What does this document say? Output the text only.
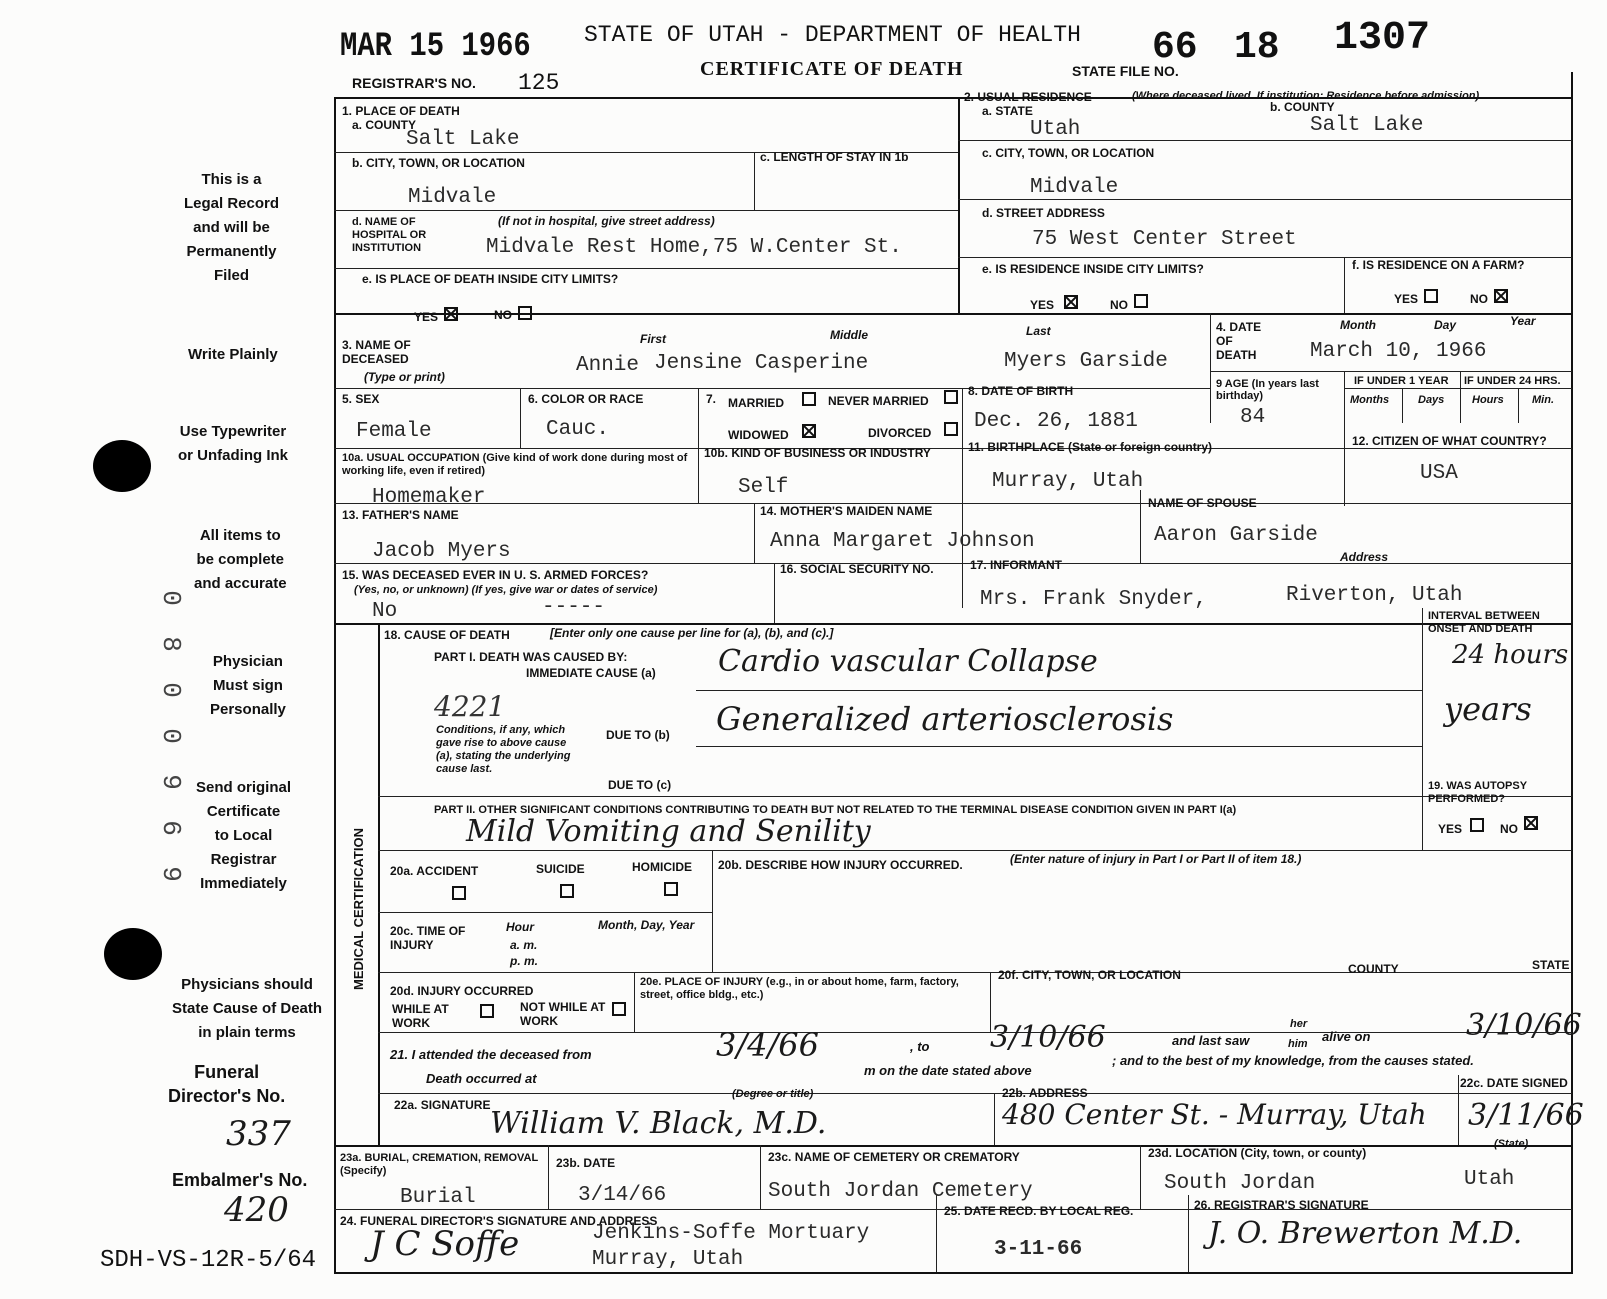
MAR 15 1966 STATE OF UTAH - DEPARTMENT OF HEALTH
CERTIFICATE OF DEATH
REGISTRAR'S NO. 125	STATE FILE NO.
66 18 1307
This is a
Legal Record
and will be
Permanently
Filed
Write Plainly
Use Typewriter
or Unfading Ink
All items to
be complete
and accurate
Physician
Must sign
Personally
Send original
Certificate
to Local
Registrar
Immediately
Physicians should
State Cause of Death
in plain terms
Funeral
Director's No.
337
Embalmer's No.
420
SDH-VS-12R-5/64
0
8
0
0
9
6
9
1. PLACE OF DEATH
a. COUNTY
Salt Lake
b. CITY, TOWN, OR LOCATION
Midvale
c. LENGTH OF STAY IN 1b
d. NAME OF HOSPITAL OR INSTITUTION
(If not in hospital, give street address)
Midvale Rest Home,75 W.Center St.
e. IS PLACE OF DEATH INSIDE CITY LIMITS?
YES	NO
2. USUAL RESIDENCE	(Where deceased lived. If institution: Residence before admission)
a. STATE
Utah
b. COUNTY
Salt Lake
c. CITY, TOWN, OR LOCATION
Midvale
d. STREET ADDRESS
75 West Center Street
e. IS RESIDENCE INSIDE CITY LIMITS?
YES	NO
f. IS RESIDENCE ON A FARM?
YES	NO
3. NAME OF DECEASED
(Type or print)
First	Middle	Last
Annie Jensine Casperine	Myers Garside
4. DATE OF DEATH
Month	Day	Year
March 10, 1966
5. SEX
Female
6. COLOR OR RACE
Cauc.
7. MARRIED	NEVER MARRIED
WIDOWED	DIVORCED
8. DATE OF BIRTH
Dec. 26, 1881
9 AGE (In years last birthday)
84
IF UNDER 1 YEAR IF UNDER 24 HRS.
Months	Days	Hours	Min.
10a. USUAL OCCUPATION (Give kind of work done during most of working life, even if retired)
Homemaker
10b. KIND OF BUSINESS OR INDUSTRY
Self
11. BIRTHPLACE (State or foreign country)
Murray, Utah
12. CITIZEN OF WHAT COUNTRY?
USA
13. FATHER'S NAME
Jacob Myers
14. MOTHER'S MAIDEN NAME
Anna Margaret Johnson
NAME OF SPOUSE
Aaron Garside
Address
15. WAS DECEASED EVER IN U. S. ARMED FORCES?
(Yes, no, or unknown) (If yes, give war or dates of service)
No	-----
16. SOCIAL SECURITY NO.	17. INFORMANT
Mrs. Frank Snyder,	Riverton, Utah
MEDICAL CERTIFICATION
18. CAUSE OF DEATH	[Enter only one cause per line for (a), (b), and (c).]
PART I. DEATH WAS CAUSED BY:
IMMEDIATE CAUSE (a) Cardio vascular Collapse
4221
Conditions, if any, which gave rise to above cause (a), stating the underlying cause last.
DUE TO (b) Generalized arteriosclerosis
DUE TO (c)
INTERVAL BETWEEN ONSET AND DEATH
24 hours
years
PART II. OTHER SIGNIFICANT CONDITIONS CONTRIBUTING TO DEATH BUT NOT RELATED TO THE TERMINAL DISEASE CONDITION GIVEN IN PART I(a)
Mild Vomiting and Senility
19. WAS AUTOPSY PERFORMED?
YES	NO
20a. ACCIDENT	SUICIDE	HOMICIDE 20b. DESCRIBE HOW INJURY OCCURRED.	(Enter nature of injury in Part I or Part II of item 18.)
20c. TIME OF INJURY
Hour
a. m.
p. m.
Month, Day, Year
20d. INJURY OCCURRED
WHILE AT WORK
NOT WHILE AT WORK
20e. PLACE OF INJURY (e.g., in or about home, farm, factory, street, office bldg., etc.)
20f. CITY, TOWN, OR LOCATION	COUNTY	STATE
21. I attended the deceased from	3/4/66	, to 3/10/66	and last saw
her
him alive on	3/10/66
Death occurred at
m on the date stated above
; and to the best of my knowledge, from the causes stated.
22a. SIGNATURE
(Degree or title)
William V. Black, M.D.
22b. ADDRESS
480 Center St. - Murray, Utah
22c. DATE SIGNED
3/11/66
(State)
23a. BURIAL, CREMATION, REMOVAL (Specify)
Burial
23b. DATE
3/14/66
23c. NAME OF CEMETERY OR CREMATORY
South Jordan Cemetery
23d. LOCATION (City, town, or county)
South Jordan	Utah
24. FUNERAL DIRECTOR'S SIGNATURE AND ADDRESS
J C Soffe	Jenkins-Soffe Mortuary
Murray, Utah
25. DATE RECD. BY LOCAL REG.
3-11-66
26. REGISTRAR'S SIGNATURE
J. O. Brewerton M.D.
